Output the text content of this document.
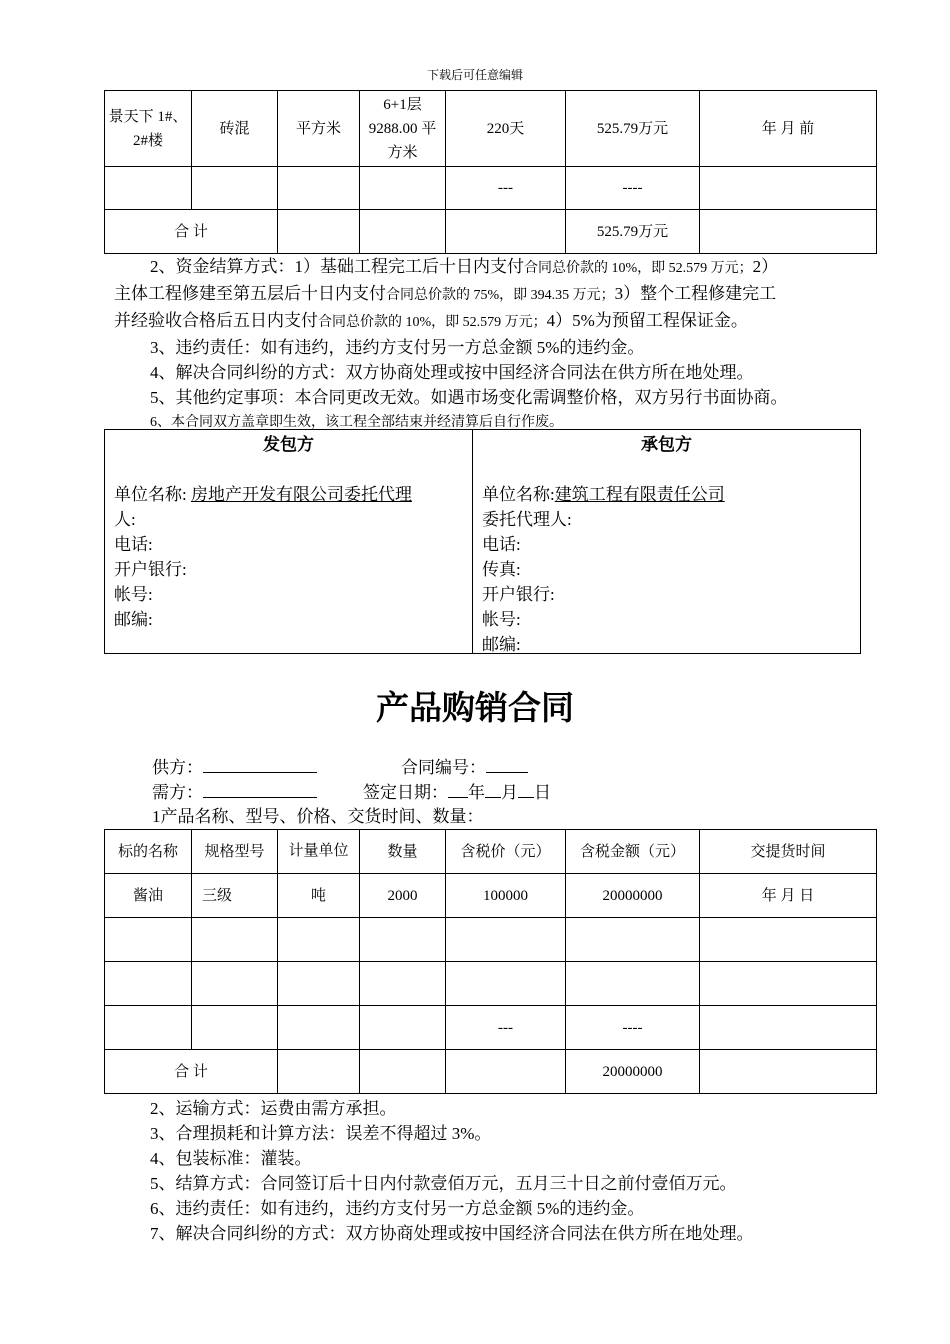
下载后可任意编辑
景天下 1#、2#楼	砖混	平方米	6+1层 9288.00 平方米	220天	525.79万元	年 月 前
				---	----	
合 计					525.79万元	

2、资金结算方式：1）基础工程完工后十日内支付合同总价款的 10%，即 52.579 万元；2）

主体工程修建至第五层后十日内支付合同总价款的 75%，即 394.35 万元；3）整个工程修建完工

并经验收合格后五日内支付合同总价款的 10%，即 52.579 万元；4）5%为预留工程保证金。

3、违约责任：如有违约，违约方支付另一方总金额 5%的违约金。

4、解决合同纠纷的方式：双方协商处理或按中国经济合同法在供方所在地处理。

5、其他约定事项：本合同更改无效。如遇市场变化需调整价格，双方另行书面协商。

6、本合同双方盖章即生效，该工程全部结束并经清算后自行作废。

发包方

单位名称: 房地产开发有限公司委托代理

人:

电话:

开户银行:

帐号:

邮编:

承包方

单位名称:建筑工程有限责任公司

委托代理人:

电话:

传真:

开户银行:

帐号:

邮编:

产品购销合同
供方：	合同编号：
需方：	签定日期： 年 月 日
1产品名称、型号、价格、交货时间、数量：
标的名称	规格型号	计量单位	数量	含税价（元）	含税金额（元）	交提货时间
酱油	三级	吨	2000	100000	20000000	年 月 日

				---	----	
合 计					20000000	

2、运输方式：运费由需方承担。

3、合理损耗和计算方法：误差不得超过 3%。

4、包装标准：灌装。

5、结算方式：合同签订后十日内付款壹佰万元，五月三十日之前付壹佰万元。

6、违约责任：如有违约，违约方支付另一方总金额 5%的违约金。

7、解决合同纠纷的方式：双方协商处理或按中国经济合同法在供方所在地处理。
